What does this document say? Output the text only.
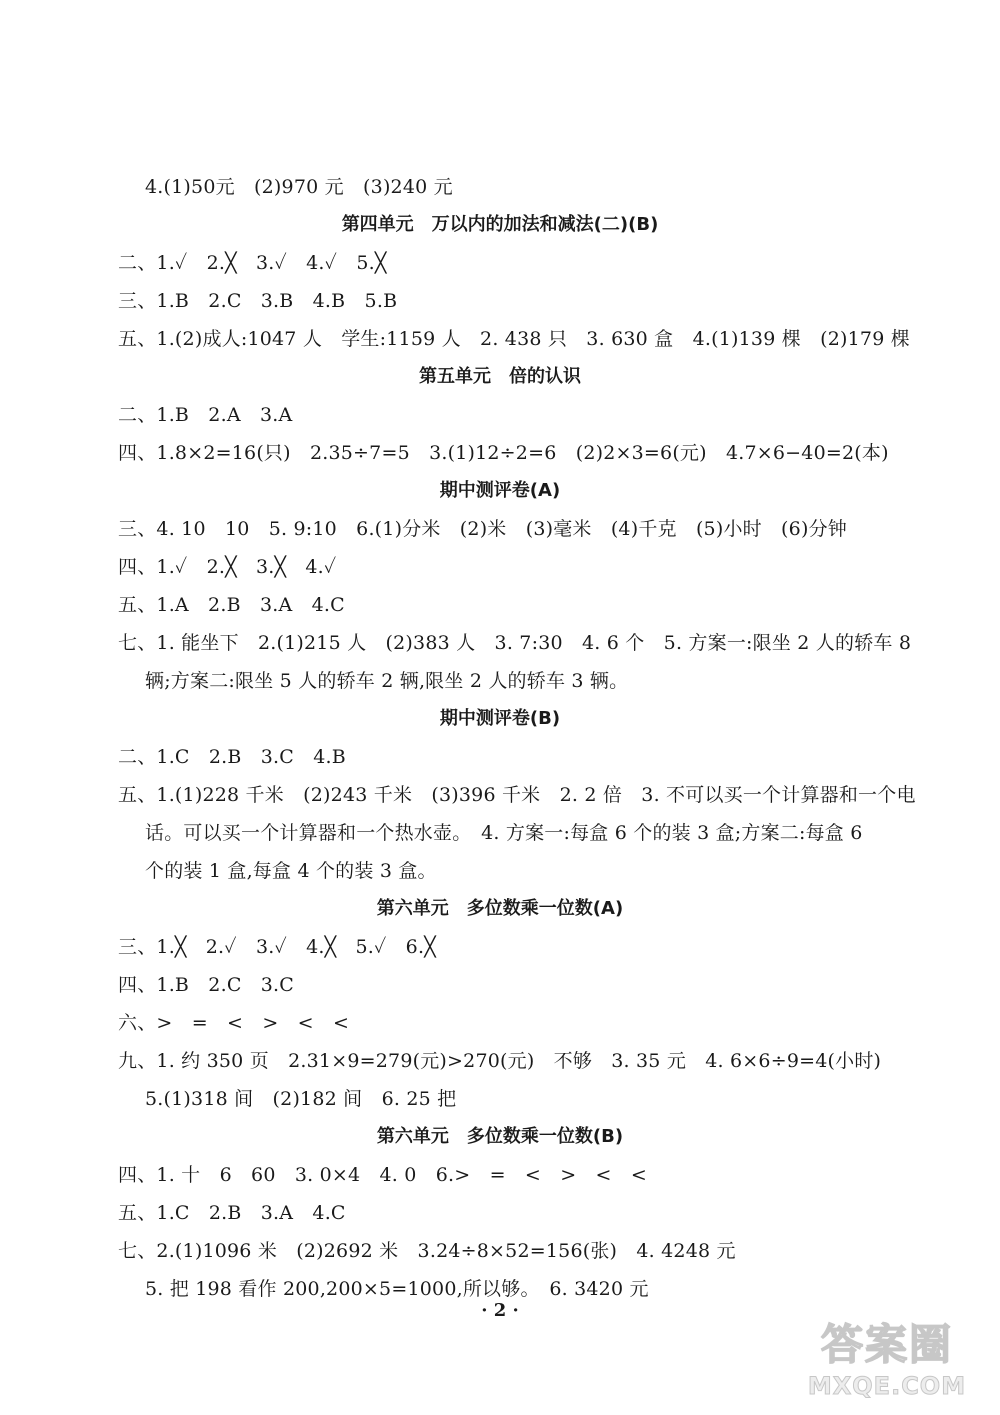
4.(1)50元　(2)970 元　(3)240 元
第四单元　万以内的加法和减法(二)(B)
二、1.✓　2.╳　3.✓　4.✓　5.╳
三、1.B　2.C　3.B　4.B　5.B
五、1.(2)成人:1047 人　学生:1159 人　2. 438 只　3. 630 盒　4.(1)139 棵　(2)179 棵
第五单元　倍的认识
二、1.B　2.A　3.A
四、1.8×2=16(只)　2.35÷7=5　3.(1)12÷2=6　(2)2×3=6(元)　4.7×6−40=2(本)
期中测评卷(A)
三、4. 10　10　5. 9:10　6.(1)分米　(2)米　(3)毫米　(4)千克　(5)小时　(6)分钟
四、1.✓　2.╳　3.╳　4.✓
五、1.A　2.B　3.A　4.C
七、1. 能坐下　2.(1)215 人　(2)383 人　3. 7:30　4. 6 个　5. 方案一:限坐 2 人的轿车 8
辆;方案二:限坐 5 人的轿车 2 辆,限坐 2 人的轿车 3 辆。
期中测评卷(B)
二、1.C　2.B　3.C　4.B
五、1.(1)228 千米　(2)243 千米　(3)396 千米　2. 2 倍　3. 不可以买一个计算器和一个电
话。可以买一个计算器和一个热水壶。　4. 方案一:每盒 6 个的装 3 盒;方案二:每盒 6
个的装 1 盒,每盒 4 个的装 3 盒。
第六单元　多位数乘一位数(A)
三、1.╳　2.✓　3.✓　4.╳　5.✓　6.╳
四、1.B　2.C　3.C
六、>　=　<　>　<　<
九、1. 约 350 页　2.31×9=279(元)>270(元)　不够　3. 35 元　4. 6×6÷9=4(小时)
5.(1)318 间　(2)182 间　6. 25 把
第六单元　多位数乘一位数(B)
四、1. 十　6　60　3. 0×4　4. 0　6.>　=　<　>　<　<
五、1.C　2.B　3.A　4.C
七、2.(1)1096 米　(2)2692 米　3.24÷8×52=156(张)　4. 4248 元
5. 把 198 看作 200,200×5=1000,所以够。　6. 3420 元
· 2 ·
答案圈
MXQE.COM
